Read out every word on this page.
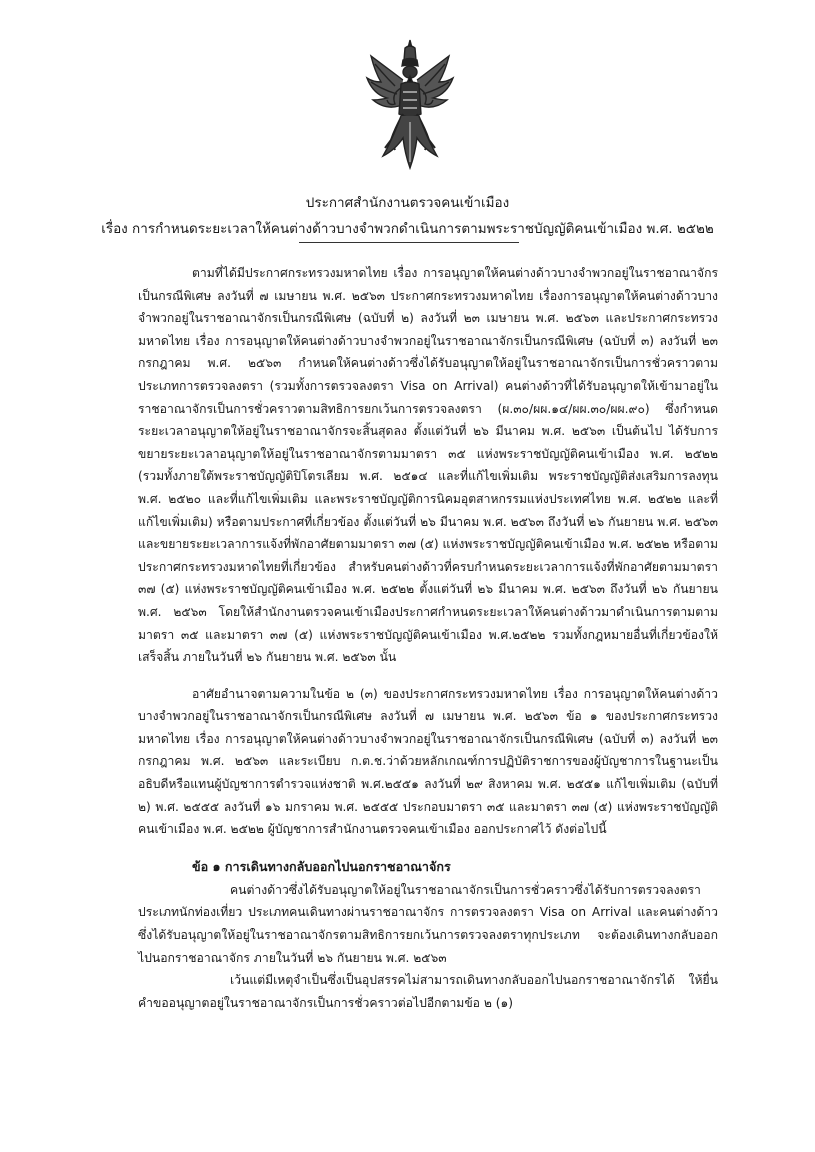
ประกาศสำนักงานตรวจคนเข้าเมือง
เรื่อง การกำหนดระยะเวลาให้คนต่างด้าวบางจำพวกดำเนินการตามพระราชบัญญัติคนเข้าเมือง พ.ศ. ๒๕๒๒

ตามที่ได้มีประกาศกระทรวงมหาดไทย เรื่อง การอนุญาตให้คนต่างด้าวบางจำพวกอยู่ในราชอาณาจักรเป็นกรณีพิเศษ ลงวันที่ ๗ เมษายน พ.ศ. ๒๕๖๓ ประกาศกระทรวงมหาดไทย เรื่องการอนุญาตให้คนต่างด้าวบางจำพวกอยู่ในราชอาณาจักรเป็นกรณีพิเศษ (ฉบับที่ ๒) ลงวันที่ ๒๓ เมษายน พ.ศ. ๒๕๖๓ และประกาศกระทรวงมหาดไทย เรื่อง การอนุญาตให้คนต่างด้าวบางจำพวกอยู่ในราชอาณาจักรเป็นกรณีพิเศษ (ฉบับที่ ๓) ลงวันที่ ๒๓ กรกฎาคม พ.ศ. ๒๕๖๓ กำหนดให้คนต่างด้าวซึ่งได้รับอนุญาตให้อยู่ในราชอาณาจักรเป็นการชั่วคราวตามประเภทการตรวจลงตรา (รวมทั้งการตรวจลงตรา Visa on Arrival) คนต่างด้าวที่ได้รับอนุญาตให้เข้ามาอยู่ในราชอาณาจักรเป็นการชั่วคราวตามสิทธิการยกเว้นการตรวจลงตรา (ผ.๓๐/ผผ.๑๔/ผผ.๓๐/ผผ.๙๐) ซึ่งกำหนดระยะเวลาอนุญาตให้อยู่ในราชอาณาจักรจะสิ้นสุดลง ตั้งแต่วันที่ ๒๖ มีนาคม พ.ศ. ๒๕๖๓ เป็นต้นไป ได้รับการขยายระยะเวลาอนุญาตให้อยู่ในราชอาณาจักรตามมาตรา ๓๕ แห่งพระราชบัญญัติคนเข้าเมือง พ.ศ. ๒๕๒๒ (รวมทั้งภายใต้พระราชบัญญัติปิโตรเลียม พ.ศ. ๒๕๑๔ และที่แก้ไขเพิ่มเติม พระราชบัญญัติส่งเสริมการลงทุน พ.ศ. ๒๕๒๐ และที่แก้ไขเพิ่มเติม และพระราชบัญญัติการนิคมอุตสาหกรรมแห่งประเทศไทย พ.ศ. ๒๕๒๒ และที่แก้ไขเพิ่มเติม) หรือตามประกาศที่เกี่ยวข้อง ตั้งแต่วันที่ ๒๖ มีนาคม พ.ศ. ๒๕๖๓ ถึงวันที่ ๒๖ กันยายน พ.ศ. ๒๕๖๓ และขยายระยะเวลาการแจ้งที่พักอาศัยตามมาตรา ๓๗ (๕) แห่งพระราชบัญญัติคนเข้าเมือง พ.ศ. ๒๕๒๒ หรือตามประกาศกระทรวงมหาดไทยที่เกี่ยวข้อง สำหรับคนต่างด้าวที่ครบกำหนดระยะเวลาการแจ้งที่พักอาศัยตามมาตรา ๓๗ (๕) แห่งพระราชบัญญัติคนเข้าเมือง พ.ศ. ๒๕๒๒ ตั้งแต่วันที่ ๒๖ มีนาคม พ.ศ. ๒๕๖๓ ถึงวันที่ ๒๖ กันยายน พ.ศ. ๒๕๖๓ โดยให้สำนักงานตรวจคนเข้าเมืองประกาศกำหนดระยะเวลาให้คนต่างด้าวมาดำเนินการตามตามมาตรา ๓๕ และมาตรา ๓๗ (๕) แห่งพระราชบัญญัติคนเข้าเมือง พ.ศ.๒๕๒๒ รวมทั้งกฎหมายอื่นที่เกี่ยวข้องให้เสร็จสิ้น ภายในวันที่ ๒๖ กันยายน พ.ศ. ๒๕๖๓ นั้น

อาศัยอำนาจตามความในข้อ ๒ (๓) ของประกาศกระทรวงมหาดไทย เรื่อง การอนุญาตให้คนต่างด้าวบางจำพวกอยู่ในราชอาณาจักรเป็นกรณีพิเศษ ลงวันที่ ๗ เมษายน พ.ศ. ๒๕๖๓ ข้อ ๑ ของประกาศกระทรวงมหาดไทย เรื่อง การอนุญาตให้คนต่างด้าวบางจำพวกอยู่ในราชอาณาจักรเป็นกรณีพิเศษ (ฉบับที่ ๓) ลงวันที่ ๒๓ กรกฎาคม พ.ศ. ๒๕๖๓ และระเบียบ ก.ต.ช.ว่าด้วยหลักเกณฑ์การปฏิบัติราชการของผู้บัญชาการในฐานะเป็นอธิบดีหรือแทนผู้บัญชาการตำรวจแห่งชาติ พ.ศ.๒๕๕๑ ลงวันที่ ๒๙ สิงหาคม พ.ศ. ๒๕๕๑ แก้ไขเพิ่มเติม (ฉบับที่ ๒) พ.ศ. ๒๕๕๕ ลงวันที่ ๑๖ มกราคม พ.ศ. ๒๕๕๕ ประกอบมาตรา ๓๕ และมาตรา ๓๗ (๕) แห่งพระราชบัญญัติคนเข้าเมือง พ.ศ. ๒๕๒๒ ผู้บัญชาการสำนักงานตรวจคนเข้าเมือง ออกประกาศไว้ ดังต่อไปนี้

ข้อ ๑ การเดินทางกลับออกไปนอกราชอาณาจักร

คนต่างด้าวซึ่งได้รับอนุญาตให้อยู่ในราชอาณาจักรเป็นการชั่วคราวซึ่งได้รับการตรวจลงตราประเภทนักท่องเที่ยว ประเภทคนเดินทางผ่านราชอาณาจักร การตรวจลงตรา Visa on Arrival และคนต่างด้าวซึ่งได้รับอนุญาตให้อยู่ในราชอาณาจักรตามสิทธิการยกเว้นการตรวจลงตราทุกประเภท จะต้องเดินทางกลับออกไปนอกราชอาณาจักร ภายในวันที่ ๒๖ กันยายน พ.ศ. ๒๕๖๓

เว้นแต่มีเหตุจำเป็นซึ่งเป็นอุปสรรคไม่สามารถเดินทางกลับออกไปนอกราชอาณาจักรได้ ให้ยื่นคำขออนุญาตอยู่ในราชอาณาจักรเป็นการชั่วคราวต่อไปอีกตามข้อ ๒ (๑)
